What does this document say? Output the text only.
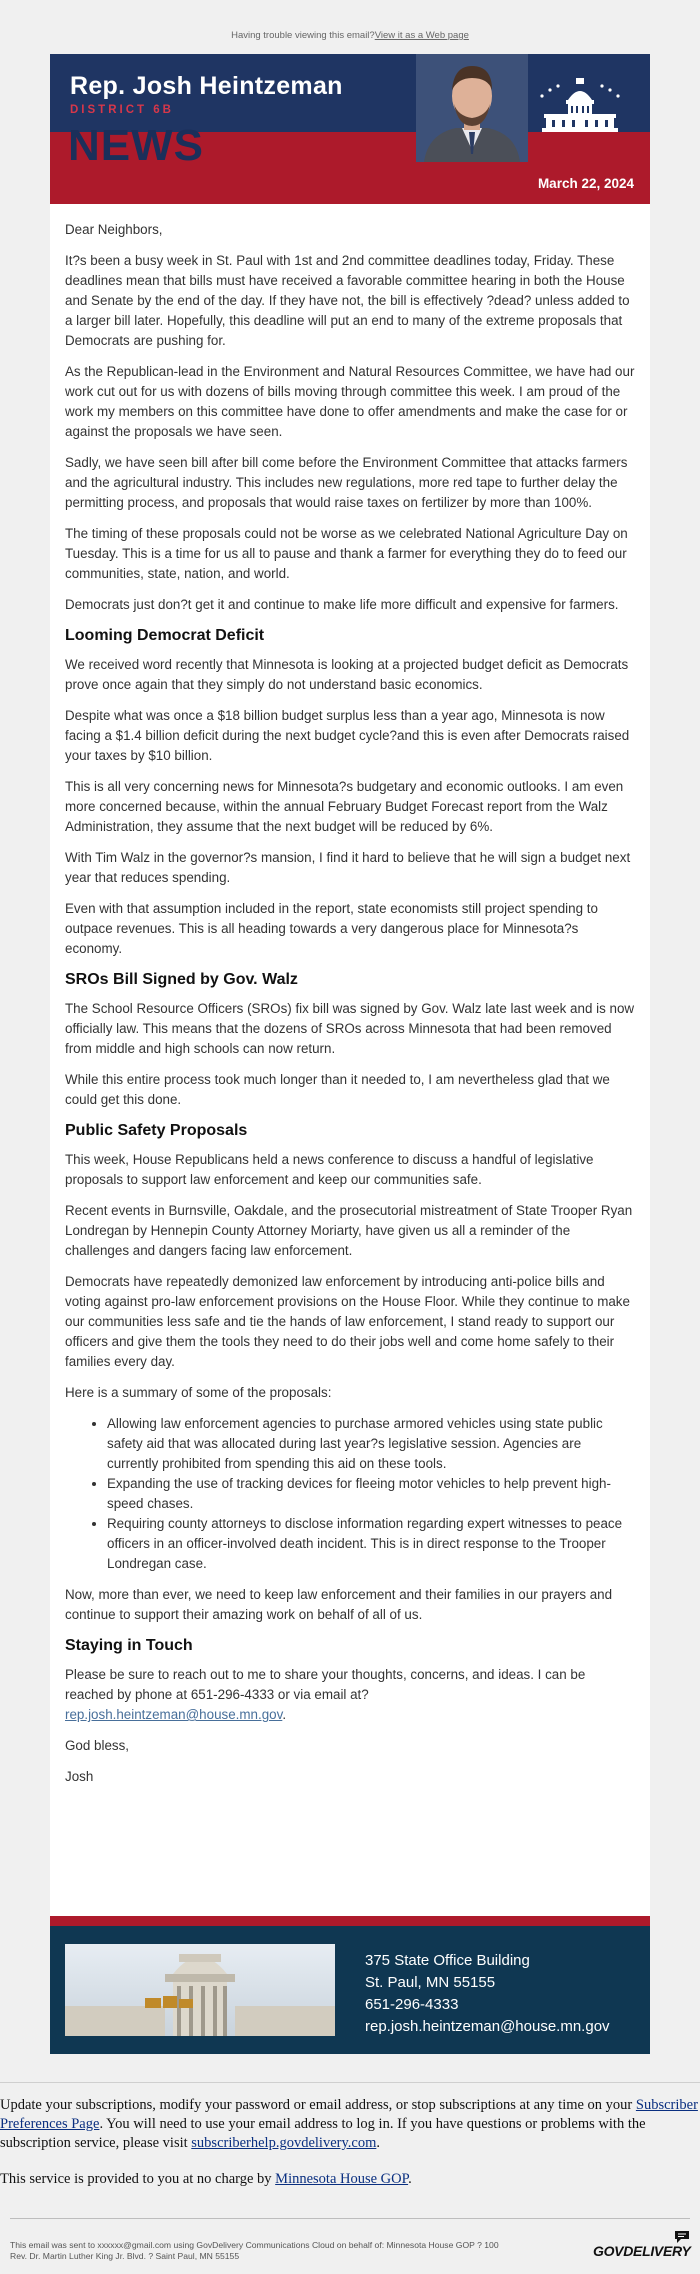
Having trouble viewing this email?View it as a Web page
Rep. Josh Heintzeman
DISTRICT 6B
NEWS
March 22, 2024

Dear Neighbors,

It?s been a busy week in St. Paul with 1st and 2nd committee deadlines today, Friday. These deadlines mean that bills must have received a favorable committee hearing in both the House and Senate by the end of the day. If they have not, the bill is effectively ?dead? unless added to a larger bill later. Hopefully, this deadline will put an end to many of the extreme proposals that Democrats are pushing for.

As the Republican-lead in the Environment and Natural Resources Committee, we have had our work cut out for us with dozens of bills moving through committee this week. I am proud of the work my members on this committee have done to offer amendments and make the case for or against the proposals we have seen.

Sadly, we have seen bill after bill come before the Environment Committee that attacks farmers and the agricultural industry. This includes new regulations, more red tape to further delay the permitting process, and proposals that would raise taxes on fertilizer by more than 100%.

The timing of these proposals could not be worse as we celebrated National Agriculture Day on Tuesday. This is a time for us all to pause and thank a farmer for everything they do to feed our communities, state, nation, and world.

Democrats just don?t get it and continue to make life more difficult and expensive for farmers.

Looming Democrat Deficit

We received word recently that Minnesota is looking at a projected budget deficit as Democrats prove once again that they simply do not understand basic economics.

Despite what was once a $18 billion budget surplus less than a year ago, Minnesota is now facing a $1.4 billion deficit during the next budget cycle?and this is even after Democrats raised your taxes by $10 billion.

This is all very concerning news for Minnesota?s budgetary and economic outlooks. I am even more concerned because, within the annual February Budget Forecast report from the Walz Administration, they assume that the next budget will be reduced by 6%.

With Tim Walz in the governor?s mansion, I find it hard to believe that he will sign a budget next year that reduces spending.

Even with that assumption included in the report, state economists still project spending to outpace revenues. This is all heading towards a very dangerous place for Minnesota?s economy.

SROs Bill Signed by Gov. Walz

The School Resource Officers (SROs) fix bill was signed by Gov. Walz late last week and is now officially law. This means that the dozens of SROs across Minnesota that had been removed from middle and high schools can now return.

While this entire process took much longer than it needed to, I am nevertheless glad that we could get this done.

Public Safety Proposals

This week, House Republicans held a news conference to discuss a handful of legislative proposals to support law enforcement and keep our communities safe.

Recent events in Burnsville, Oakdale, and the prosecutorial mistreatment of State Trooper Ryan Londregan by Hennepin County Attorney Moriarty, have given us all a reminder of the challenges and dangers facing law enforcement.

Democrats have repeatedly demonized law enforcement by introducing anti-police bills and voting against pro-law enforcement provisions on the House Floor. While they continue to make our communities less safe and tie the hands of law enforcement, I stand ready to support our officers and give them the tools they need to do their jobs well and come home safely to their families every day.

Here is a summary of some of the proposals:

• Allowing law enforcement agencies to purchase armored vehicles using state public safety aid that was allocated during last year?s legislative session. Agencies are currently prohibited from spending this aid on these tools.
• Expanding the use of tracking devices for fleeing motor vehicles to help prevent high-speed chases.
• Requiring county attorneys to disclose information regarding expert witnesses to peace officers in an officer-involved death incident. This is in direct response to the Trooper Londregan case.

Now, more than ever, we need to keep law enforcement and their families in our prayers and continue to support their amazing work on behalf of all of us.

Staying in Touch

Please be sure to reach out to me to share your thoughts, concerns, and ideas. I can be reached by phone at 651-296-4333 or via email at?
rep.josh.heintzeman@house.mn.gov.

God bless,

Josh

375 State Office Building
St. Paul, MN 55155
651-296-4333
rep.josh.heintzeman@house.mn.gov

Update your subscriptions, modify your password or email address, or stop subscriptions at any time on your Subscriber Preferences Page. You will need to use your email address to log in. If you have questions or problems with the subscription service, please visit subscriberhelp.govdelivery.com.

This service is provided to you at no charge by Minnesota House GOP.

This email was sent to xxxxxx@gmail.com using GovDelivery Communications Cloud on behalf of: Minnesota House GOP ? 100
Rev. Dr. Martin Luther King Jr. Blvd. ? Saint Paul, MN 55155	GOVDELIVERY
